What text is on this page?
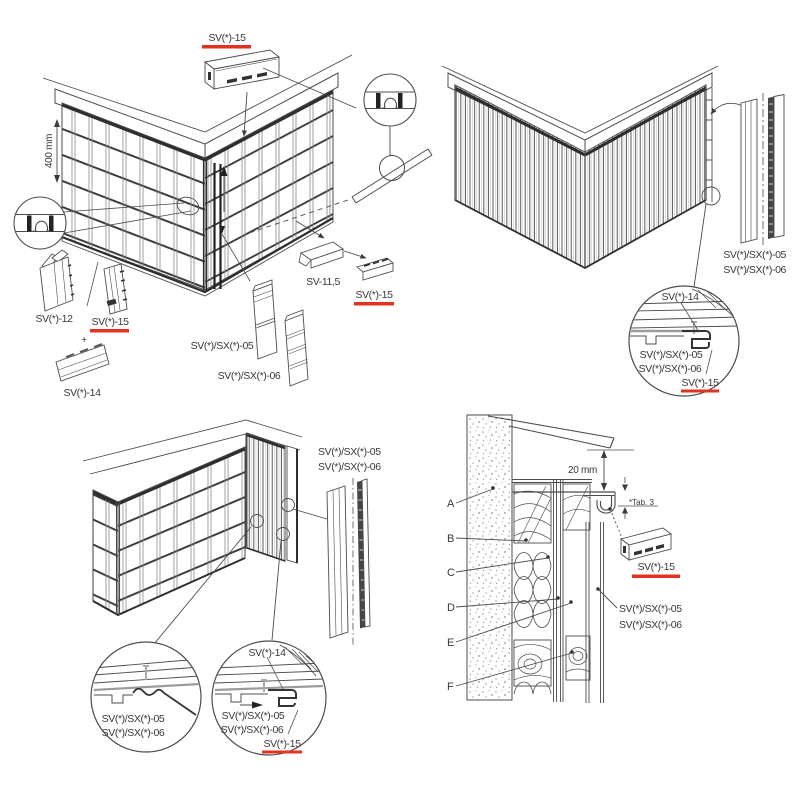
SV(*)-15
400 mm
SV(*)-12 SV(*)-15
+
SV(*)-14
SV(*)/SX(*)-05
SV(*)/SX(*)-06
SV-11,5
SV(*)-15
SV(*)/SX(*)-05
SV(*)/SX(*)-06
SV(*)-14
SV(*)/SX(*)-05
SV(*)/SX(*)-06
SV(*)-15
SV(*)/SX(*)-05
SV(*)/SX(*)-06
SV(*)/SX(*)-05
SV(*)/SX(*)-06
SV(*)-14
SV(*)/SX(*)-05
SV(*)/SX(*)-06
SV(*)-15
20 mm
*Tab. 3
A
B
C
D
E
F
SV(*)-15
SV(*)/SX(*)-05
SV(*)/SX(*)-06
